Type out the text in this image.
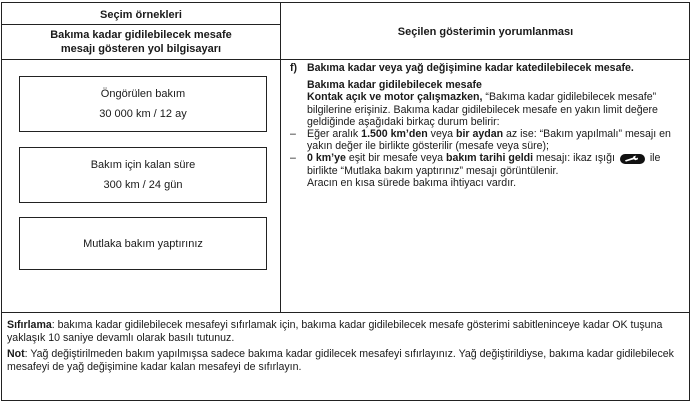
Seçim örnekleri
Bakıma kadar gidilebilecek mesafe
mesajı gösteren yol bilgisayarı
Seçilen gösterimin yorumlanması
Öngörülen bakım
30 000 km / 12 ay
Bakım için kalan süre
300 km / 24 gün
Mutlaka bakım yaptırınız
f) Bakıma kadar veya yağ değişimine kadar katedilebilecek mesafe.

Bakıma kadar gidilebilecek mesafe

Kontak açık ve motor çalışmazken, “Bakıma kadar gidilebilecek mesafe” bilgilerine erişiniz. Bakıma kadar gidilebilecek mesafe en yakın limit değere geldiğinde aşağıdaki birkaç durum belirir:

–	Eğer aralık 1.500 km’den veya bir aydan az ise: “Bakım yapılmalı” mesajı en yakın değer ile birlikte gösterilir (mesafe veya süre);
–	0 km’ye eşit bir mesafe veya bakım tarihi geldi mesajı: ikaz ışığı	ile birlikte “Mutlaka bakım yaptırınız” mesajı görüntülenir.

Aracın en kısa sürede bakıma ihtiyacı vardır.

Sıfırlama: bakıma kadar gidilebilecek mesafeyi sıfırlamak için, bakıma kadar gidilebilecek mesafe gösterimi sabitleninceye kadar OK tuşuna yaklaşık 10 saniye devamlı olarak basılı tutunuz.
Not: Yağ değiştirilmeden bakım yapılmışsa sadece bakıma kadar gidilecek mesafeyi sıfırlayınız. Yağ değiştirildiyse, bakıma kadar gidilebilecek mesafeyi de yağ değişimine kadar kalan mesafeyi de sıfırlayın.
